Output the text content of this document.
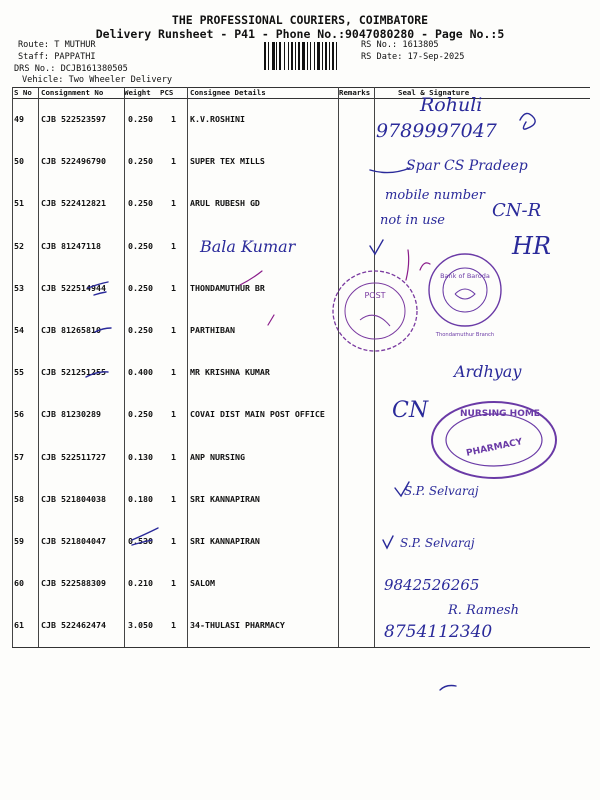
THE PROFESSIONAL COURIERS, COIMBATORE
Delivery Runsheet - P41 - Phone No.:9047080280 - Page No.:5
Route: T MUTHUR
Staff: PAPPATHI
DRS No.: DCJB161380505
Vehicle: Two Wheeler Delivery
RS No.: 1613805
RS Date: 17-Sep-2025
S No Consignment No	Weight PCS Consignee Details	Remarks	Seal & Signature
49 CJB 522523597	0.250 1 K.V.ROSHINI
50 CJB 522496790	0.250 1 SUPER TEX MILLS
51 CJB 522412821	0.250 1 ARUL RUBESH GD
52 CJB 81247118	0.250 1
53 CJB 522514944	0.250 1 THONDAMUTHUR BR
54 CJB 81265810	0.250 1 PARTHIBAN
55 CJB 521251255	0.400 1 MR KRISHNA KUMAR
56 CJB 81230289	0.250 1 COVAI DIST MAIN POST OFFICE
57 CJB 522511727	0.130 1 ANP NURSING
58 CJB 521804038	0.180 1 SRI KANNAPIRAN
59 CJB 521804047	0.530 1 SRI KANNAPIRAN
60 CJB 522588309	0.210 1 SALOM
61 CJB 522462474	3.050 1 34-THULASI PHARMACY
Rohuli
9789997047
Spar CS Pradeep
mobile number
not in use	CN-R
Bala Kumar	HR
Ardhyay
CN
S.P. Selvaraj
S.P. Selvaraj
9842526265
R. Ramesh
8754112340
POST
Bank of Baroda
Thondamuthur Branch
NURSING HOME
PHARMACY
